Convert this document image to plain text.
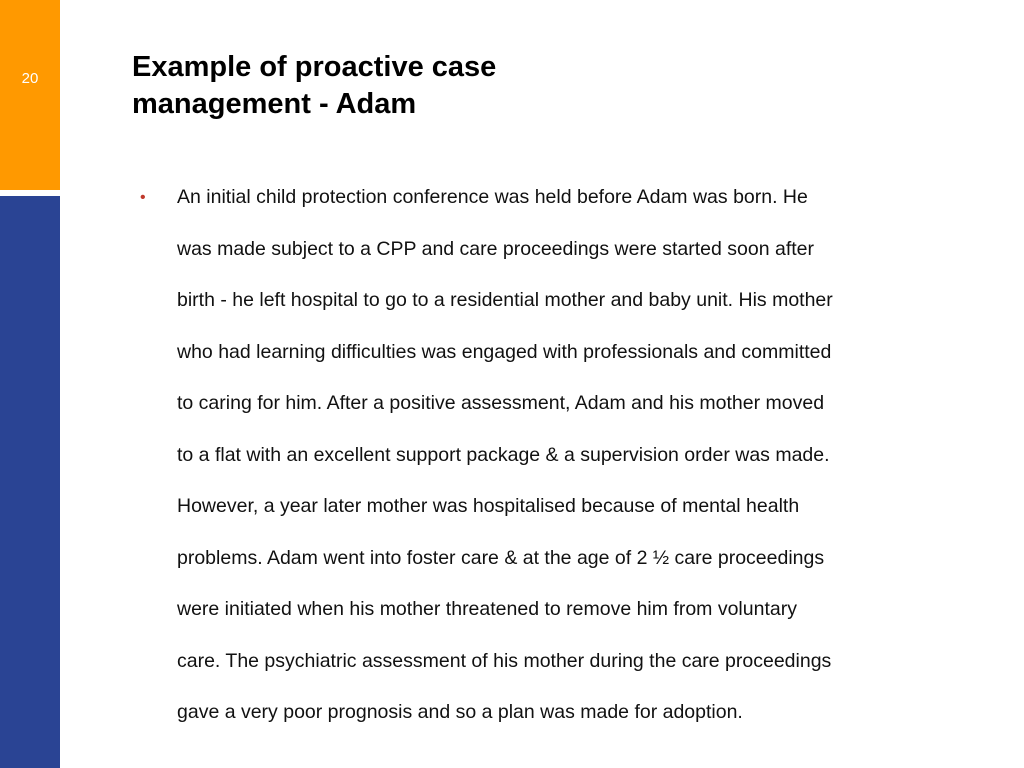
20	Example of proactive case
management - Adam
• An initial child protection conference was held before Adam was born. He
was made subject to a CPP and care proceedings were started soon after
birth - he left hospital to go to a residential mother and baby unit. His mother
who had learning difficulties was engaged with professionals and committed
to caring for him. After a positive assessment, Adam and his mother moved
to a flat with an excellent support package & a supervision order was made.
However, a year later mother was hospitalised because of mental health
problems. Adam went into foster care & at the age of 2 ½ care proceedings
were initiated when his mother threatened to remove him from voluntary
care. The psychiatric assessment of his mother during the care proceedings
gave a very poor prognosis and so a plan was made for adoption.
